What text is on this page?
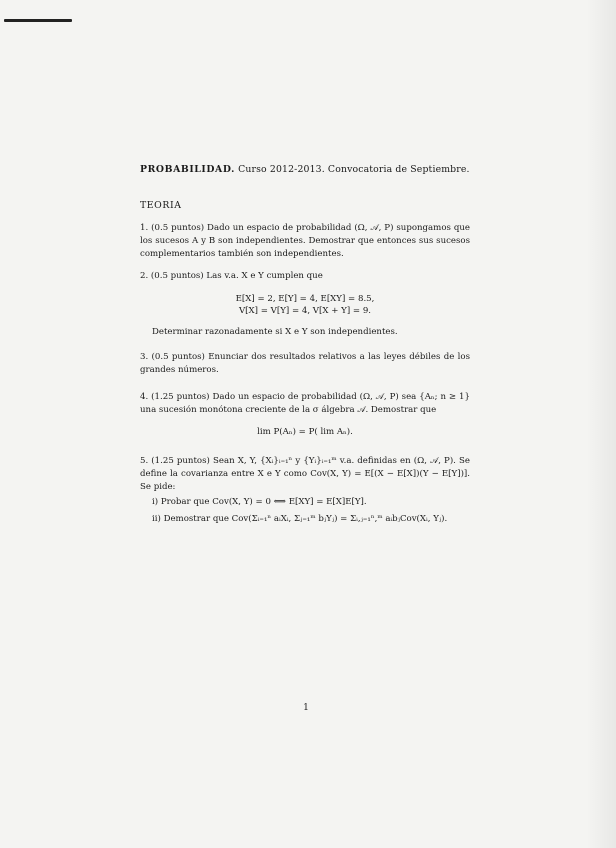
PROBABILIDAD. Curso 2012-2013. Convocatoria de Septiembre.
TEORIA
1. (0.5 puntos) Dado un espacio de probabilidad (Ω, 𝒜, P) supongamos que los sucesos A y B son independientes. Demostrar que entonces sus sucesos complementarios también son independientes.
2. (0.5 puntos) Las v.a. X e Y cumplen que
E[X] = 2, E[Y] = 4, E[XY] = 8.5,
V[X] = V[Y] = 4, V[X + Y] = 9.
Determinar razonadamente si X e Y son independientes.
3. (0.5 puntos) Enunciar dos resultados relativos a las leyes débiles de los grandes números.
4. (1.25 puntos) Dado un espacio de probabilidad (Ω, 𝒜, P) sea {Aₙ; n ≥ 1} una sucesión monótona creciente de la σ álgebra 𝒜. Demostrar que
lim P(Aₙ) = P( lim Aₙ).
5. (1.25 puntos) Sean X, Y, {Xᵢ}ᵢ₌₁ⁿ y {Yᵢ}ᵢ₌₁ᵐ v.a. definidas en (Ω, 𝒜, P). Se define la covarianza entre X e Y como Cov(X, Y) = E[(X − E[X])(Y − E[Y])]. Se pide:
i) Probar que Cov(X, Y) = 0 ⟺ E[XY] = E[X]E[Y].
ii) Demostrar que Cov(Σᵢ₌₁ⁿ aᵢXᵢ, Σⱼ₌₁ᵐ bⱼYⱼ) = Σᵢ,ⱼ₌₁ⁿ,ᵐ aᵢbⱼCov(Xᵢ, Yⱼ).
1
